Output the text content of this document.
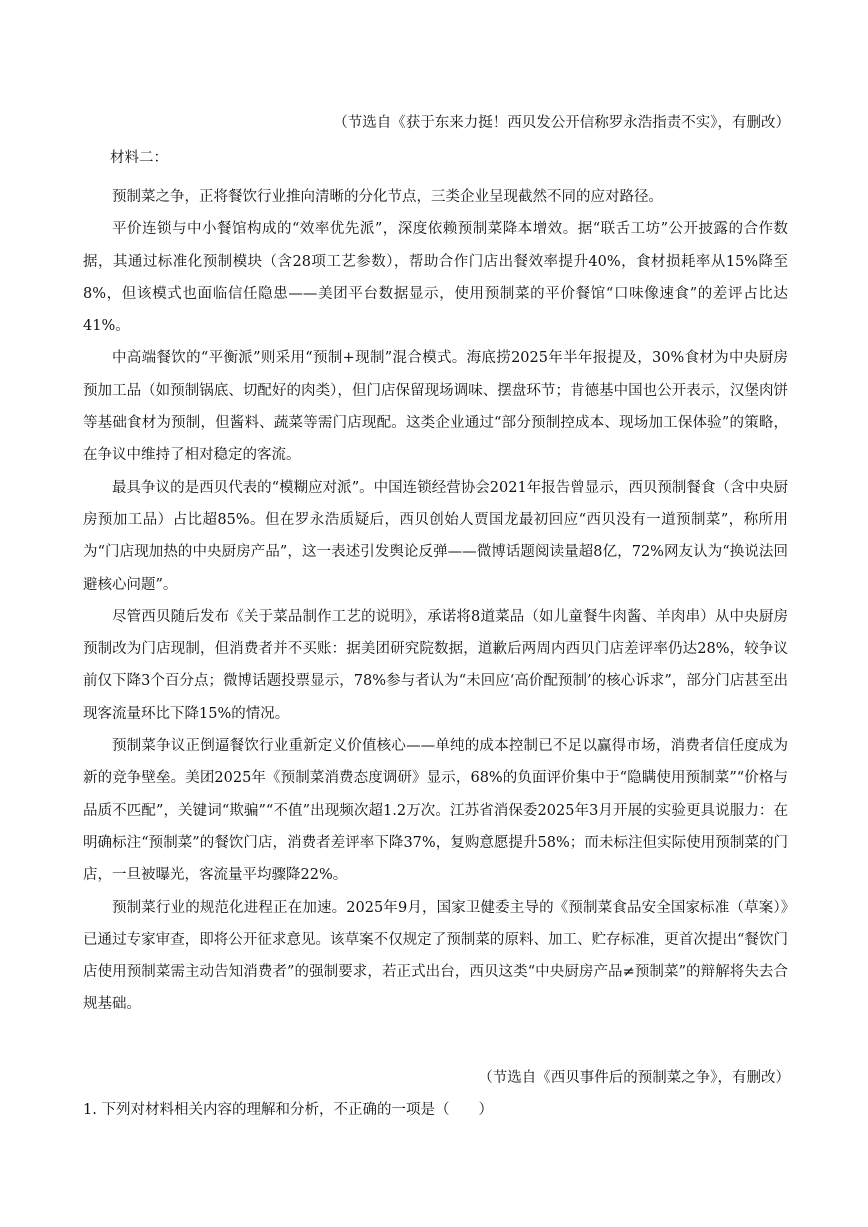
（节选自《获于东来力挺！西贝发公开信称罗永浩指责不实》，有删改）
材料二：

预制菜之争，正将餐饮行业推向清晰的分化节点，三类企业呈现截然不同的应对路径。

平价连锁与中小餐馆构成的“效率优先派”，深度依赖预制菜降本增效。据“联舌工坊”公开披露的合作数据，其通过标准化预制模块（含28项工艺参数），帮助合作门店出餐效率提升40%，食材损耗率从15%降至8%，但该模式也面临信任隐患——美团平台数据显示，使用预制菜的平价餐馆“口味像速食”的差评占比达41%。

中高端餐饮的“平衡派”则采用“预制+现制”混合模式。海底捞2025年半年报提及，30%食材为中央厨房预加工品（如预制锅底、切配好的肉类），但门店保留现场调味、摆盘环节；肯德基中国也公开表示，汉堡肉饼等基础食材为预制，但酱料、蔬菜等需门店现配。这类企业通过“部分预制控成本、现场加工保体验”的策略，在争议中维持了相对稳定的客流。

最具争议的是西贝代表的“模糊应对派”。中国连锁经营协会2021年报告曾显示，西贝预制餐食（含中央厨房预加工品）占比超85%。但在罗永浩质疑后，西贝创始人贾国龙最初回应“西贝没有一道预制菜”，称所用为“门店现加热的中央厨房产品”，这一表述引发舆论反弹——微博话题阅读量超8亿，72%网友认为“换说法回避核心问题”。

尽管西贝随后发布《关于菜品制作工艺的说明》，承诺将8道菜品（如儿童餐牛肉酱、羊肉串）从中央厨房预制改为门店现制，但消费者并不买账：据美团研究院数据，道歉后两周内西贝门店差评率仍达28%，较争议前仅下降3个百分点；微博话题投票显示，78%参与者认为“未回应‘高价配预制’的核心诉求”，部分门店甚至出现客流量环比下降15%的情况。

预制菜争议正倒逼餐饮行业重新定义价值核心——单纯的成本控制已不足以赢得市场，消费者信任度成为新的竞争壁垒。美团2025年《预制菜消费态度调研》显示，68%的负面评价集中于“隐瞒使用预制菜”“价格与品质不匹配”，关键词“欺骗”“不值”出现频次超1.2万次。江苏省消保委2025年3月开展的实验更具说服力：在明确标注“预制菜”的餐饮门店，消费者差评率下降37%，复购意愿提升58%；而未标注但实际使用预制菜的门店，一旦被曝光，客流量平均骤降22%。

预制菜行业的规范化进程正在加速。2025年9月，国家卫健委主导的《预制菜食品安全国家标准（草案）》已通过专家审查，即将公开征求意见。该草案不仅规定了预制菜的原料、加工、贮存标准，更首次提出“餐饮门店使用预制菜需主动告知消费者”的强制要求，若正式出台，西贝这类“中央厨房产品≠预制菜”的辩解将失去合规基础。

（节选自《西贝事件后的预制菜之争》，有删改）
1. 下列对材料相关内容的理解和分析，不正确的一项是（　　）
